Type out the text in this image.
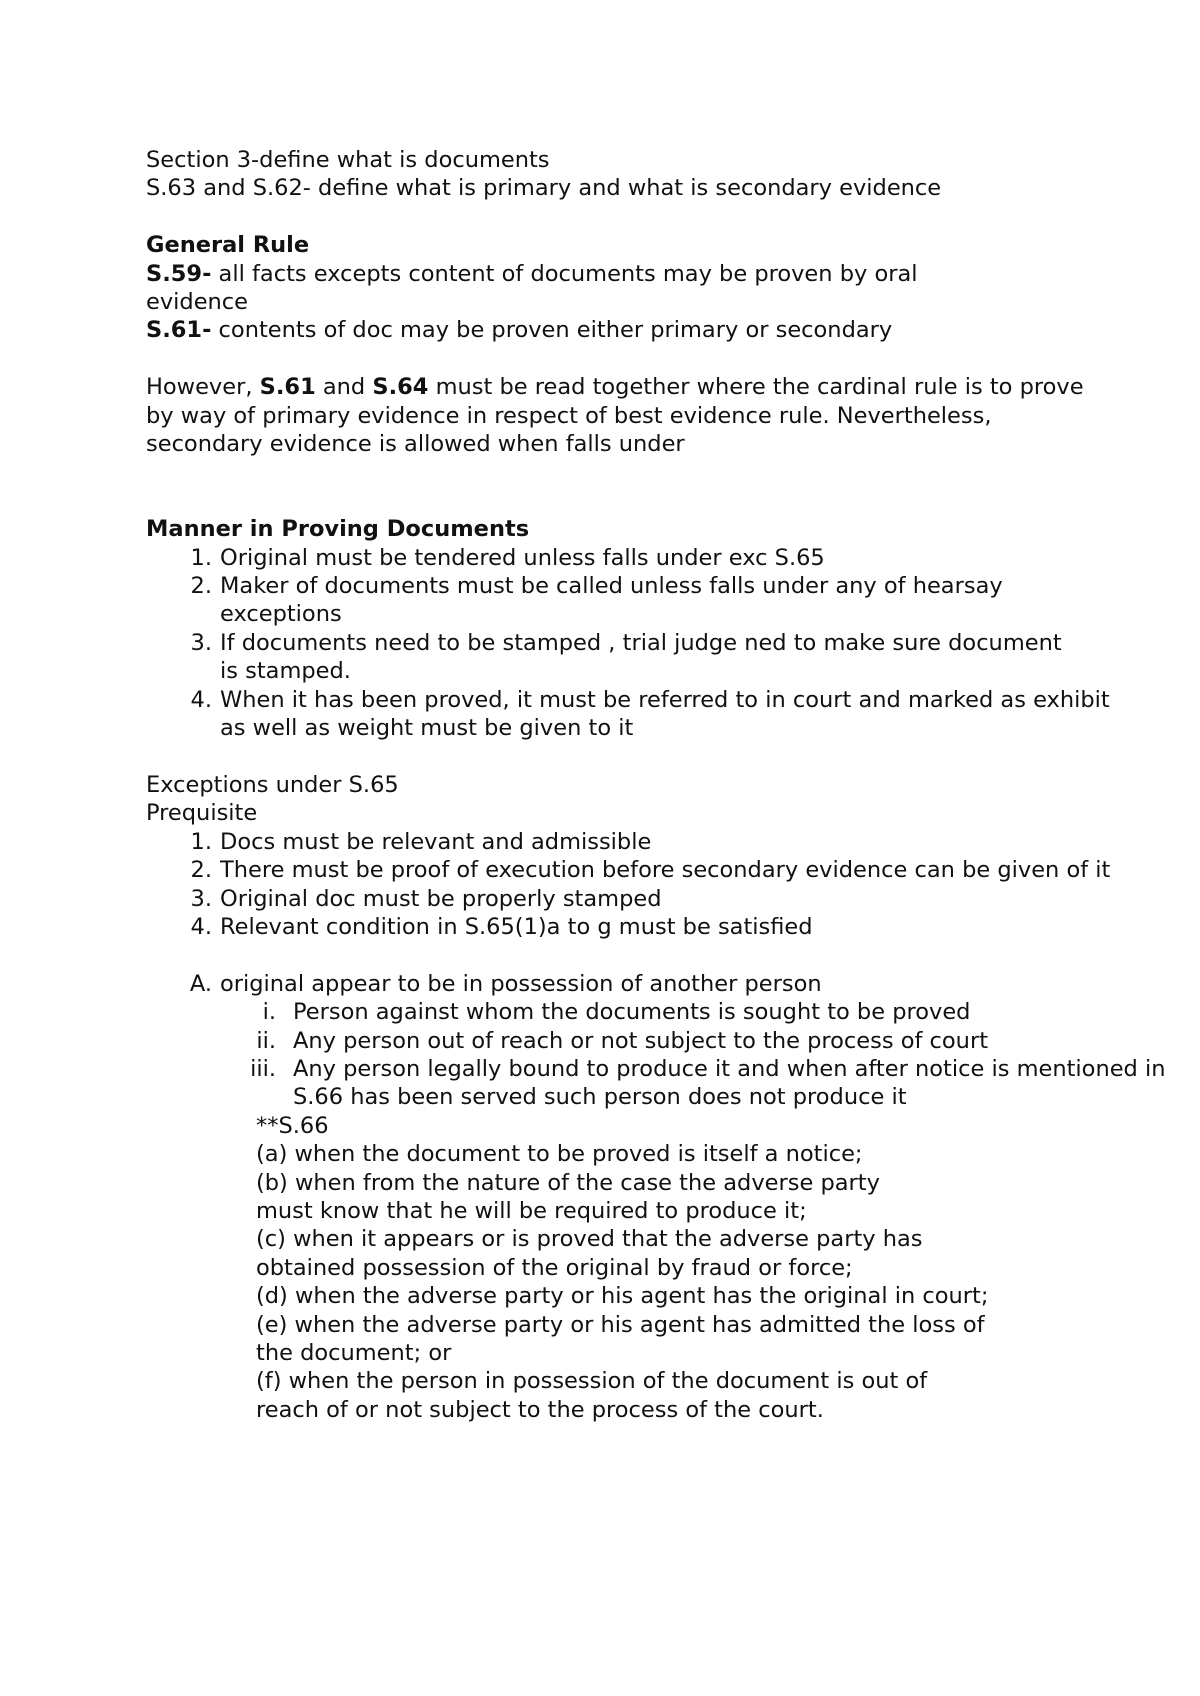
Section 3-define what is documents
S.63 and S.62- define what is primary and what is secondary evidence
General Rule
S.59- all facts excepts content of documents may be proven by oral evidence
S.61- contents of doc may be proven either primary or secondary
However, S.61 and S.64 must be read together where the cardinal rule is to prove by way of primary evidence in respect of best evidence rule. Nevertheless, secondary evidence is allowed when falls under
Manner in Proving Documents
1. Original must be tendered unless falls under exc S.65
2. Maker of documents must be called unless falls under any of hearsay exceptions
3. If documents need to be stamped , trial judge ned to make sure document is stamped.
4. When it has been proved, it must be referred to in court and marked as exhibit as well as weight must be given to it
Exceptions under S.65
Prequisite
1. Docs must be relevant and admissible
2. There must be proof of execution before secondary evidence can be given of it
3. Original doc must be properly stamped
4. Relevant condition in S.65(1)a to g must be satisfied
A. original appear to be in possession of another person
i. Person against whom the documents is sought to be proved
ii. Any person out of reach or not subject to the process of court
iii. Any person legally bound to produce it and when after notice is mentioned in S.66 has been served such person does not produce it
**S.66
(a) when the document to be proved is itself a notice;
(b) when from the nature of the case the adverse party
must know that he will be required to produce it;
(c) when it appears or is proved that the adverse party has
obtained possession of the original by fraud or force;
(d) when the adverse party or his agent has the original in court;
(e) when the adverse party or his agent has admitted the loss of
the document; or
(f) when the person in possession of the document is out of
reach of or not subject to the process of the court.
